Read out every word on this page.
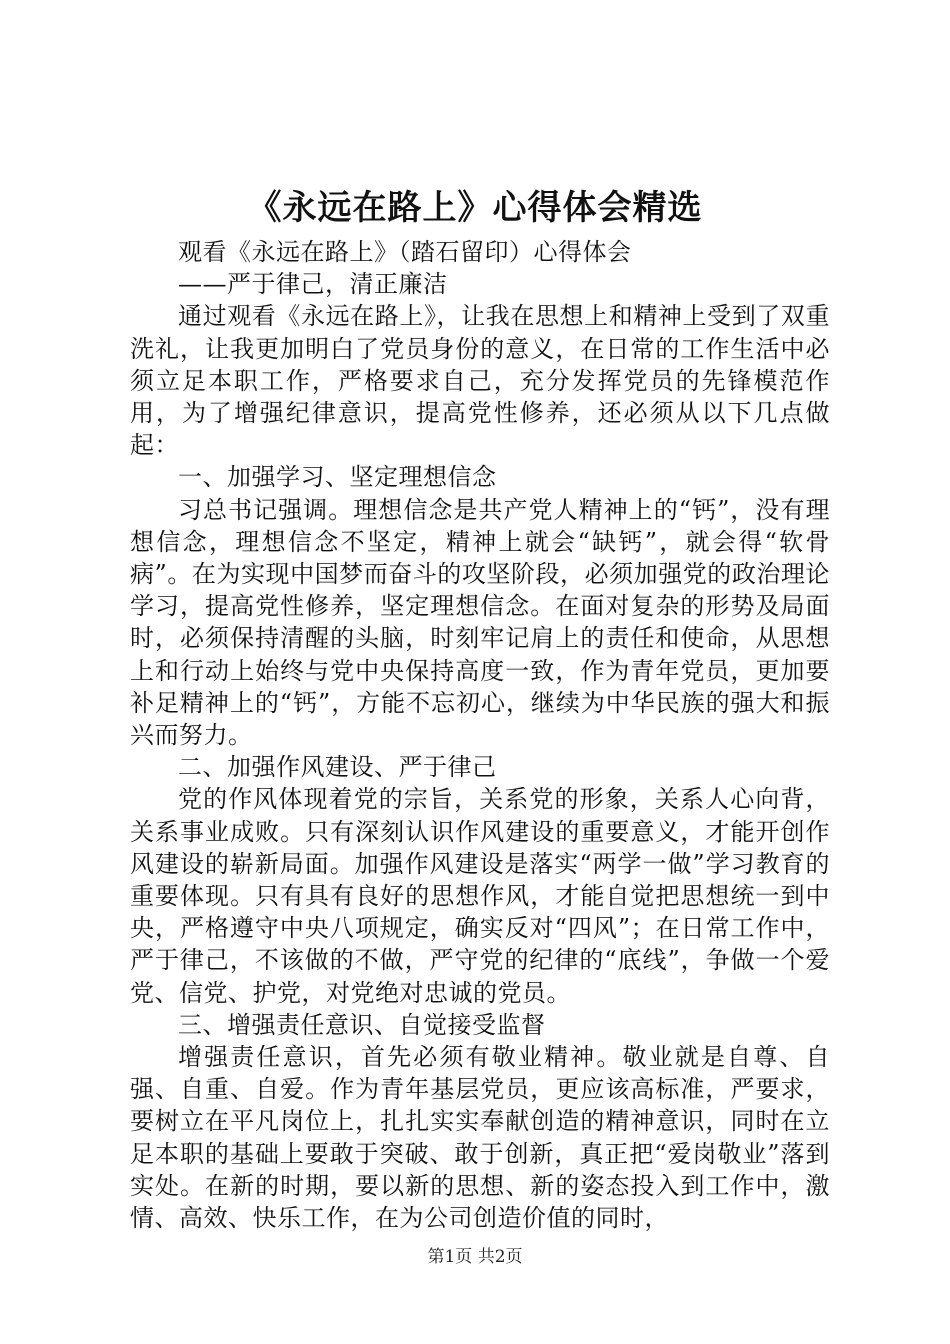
《永远在路上》心得体会精选

观看《永远在路上》（踏石留印）心得体会

——严于律己，清正廉洁

通过观看《永远在路上》，让我在思想上和精神上受到了双重洗礼，让我更加明白了党员身份的意义，在日常的工作生活中必须立足本职工作，严格要求自己，充分发挥党员的先锋模范作用，为了增强纪律意识，提高党性修养，还必须从以下几点做起：

一、加强学习、坚定理想信念

习总书记强调。理想信念是共产党人精神上的“钙”，没有理想信念，理想信念不坚定，精神上就会“缺钙”，就会得“软骨病”。在为实现中国梦而奋斗的攻坚阶段，必须加强党的政治理论学习，提高党性修养，坚定理想信念。在面对复杂的形势及局面时，必须保持清醒的头脑，时刻牢记肩上的责任和使命，从思想上和行动上始终与党中央保持高度一致，作为青年党员，更加要补足精神上的“钙”，方能不忘初心，继续为中华民族的强大和振兴而努力。

二、加强作风建设、严于律己

党的作风体现着党的宗旨，关系党的形象，关系人心向背，关系事业成败。只有深刻认识作风建设的重要意义，才能开创作风建设的崭新局面。加强作风建设是落实“两学一做”学习教育的重要体现。只有具有良好的思想作风，才能自觉把思想统一到中央，严格遵守中央八项规定，确实反对“四风”；在日常工作中，严于律己，不该做的不做，严守党的纪律的“底线”，争做一个爱党、信党、护党，对党绝对忠诚的党员。

三、增强责任意识、自觉接受监督

增强责任意识，首先必须有敬业精神。敬业就是自尊、自强、自重、自爱。作为青年基层党员，更应该高标准，严要求，要树立在平凡岗位上，扎扎实实奉献创造的精神意识，同时在立足本职的基础上要敢于突破、敢于创新，真正把“爱岗敬业”落到实处。在新的时期，要以新的思想、新的姿态投入到工作中，激情、高效、快乐工作，在为公司创造价值的同时，

第1页 共2页
